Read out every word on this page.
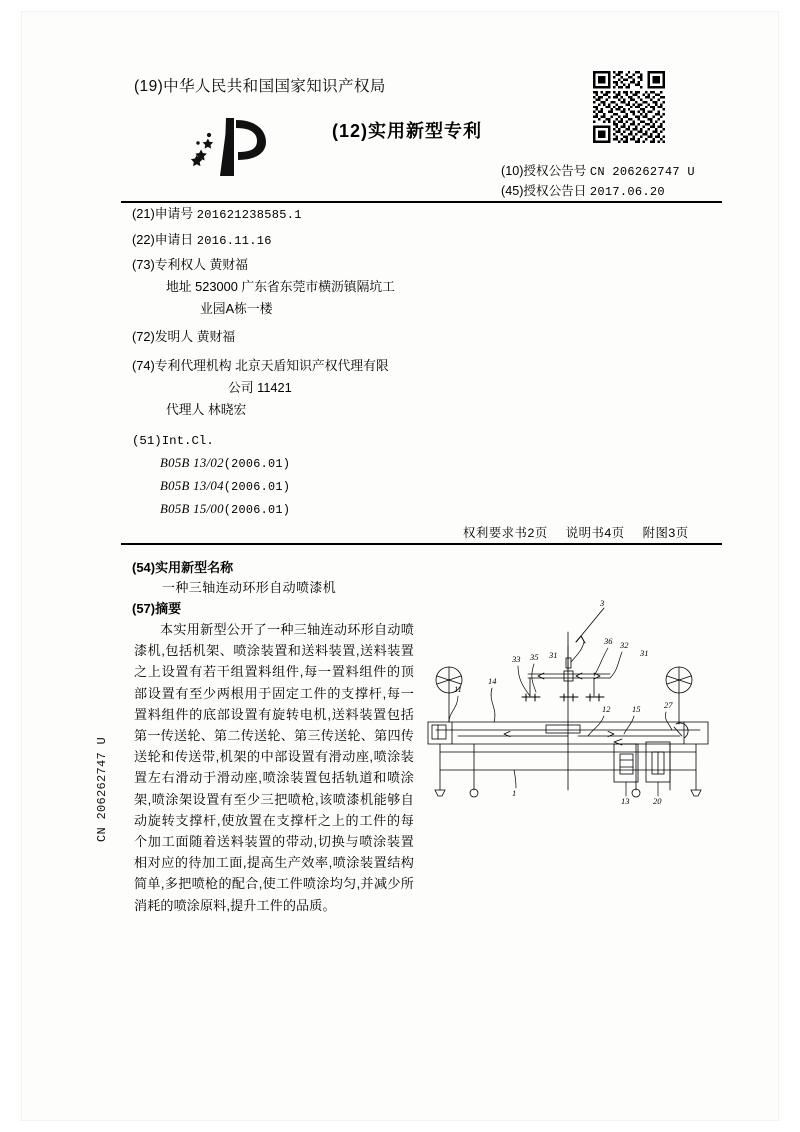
CN 206262747 U
(19)中华人民共和国国家知识产权局
(12)实用新型专利
(10)授权公告号 CN 206262747 U
(45)授权公告日 2017.06.20
(21)申请号 201621238585.1
(22)申请日 2016.11.16
(73)专利权人 黄财福
地址 523000 广东省东莞市横沥镇隔坑工
业园A栋一楼
(72)发明人 黄财福
(74)专利代理机构 北京天盾知识产权代理有限
公司 11421
代理人 林晓宏
(51)Int.Cl.
B05B 13/02(2006.01)
B05B 13/04(2006.01)
B05B 15/00(2006.01)
权利要求书2页 说明书4页 附图3页
(54)实用新型名称
一种三轴连动环形自动喷漆机
(57)摘要
本实用新型公开了一种三轴连动环形自动喷漆机,包括机架、喷涂装置和送料装置,送料装置之上设置有若干组置料组件,每一置料组件的顶部设置有至少两根用于固定工件的支撑杆,每一置料组件的底部设置有旋转电机,送料装置包括第一传送轮、第二传送轮、第三传送轮、第四传送轮和传送带,机架的中部设置有滑动座,喷涂装置左右滑动于滑动座,喷涂装置包括轨道和喷涂架,喷涂架设置有至少三把喷枪,该喷漆机能够自动旋转支撑杆,使放置在支撑杆之上的工件的每个加工面随着送料装置的带动,切换与喷涂装置相对应的待加工面,提高生产效率,喷涂装置结构简单,多把喷枪的配合,使工件喷涂均匀,并减少所消耗的喷涂原料,提升工件的品质。
3
33 35 31
36 32
31
11
14
12	15	27
1
13	20
